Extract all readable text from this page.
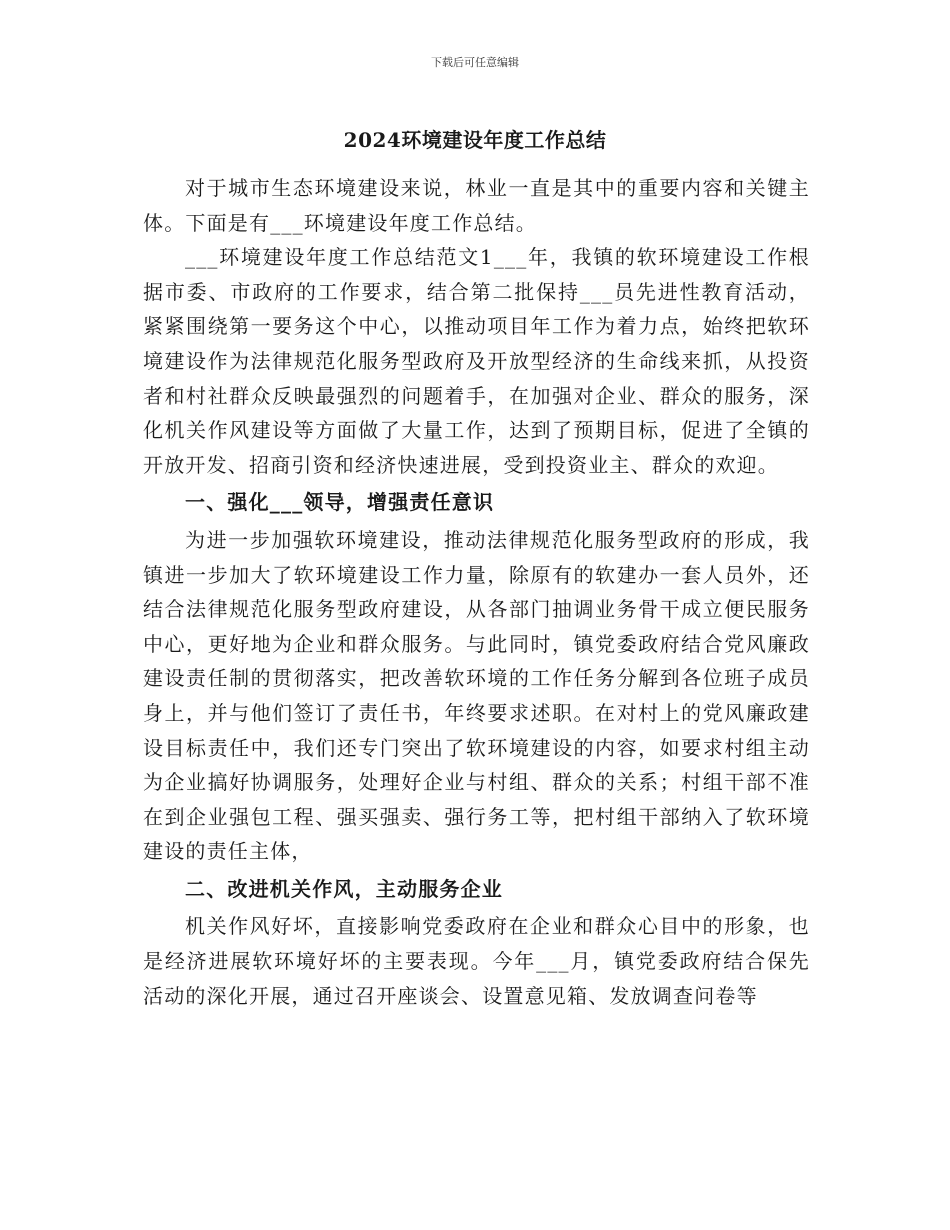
下载后可任意编辑
2024环境建设年度工作总结

对于城市生态环境建设来说，林业一直是其中的重要内容和关键主体。下面是有___环境建设年度工作总结。

___环境建设年度工作总结范文1___年，我镇的软环境建设工作根据市委、市政府的工作要求，结合第二批保持___员先进性教育活动，紧紧围绕第一要务这个中心，以推动项目年工作为着力点，始终把软环境建设作为法律规范化服务型政府及开放型经济的生命线来抓，从投资者和村社群众反映最强烈的问题着手，在加强对企业、群众的服务，深化机关作风建设等方面做了大量工作，达到了预期目标，促进了全镇的开放开发、招商引资和经济快速进展，受到投资业主、群众的欢迎。

一、强化___领导，增强责任意识

为进一步加强软环境建设，推动法律规范化服务型政府的形成，我镇进一步加大了软环境建设工作力量，除原有的软建办一套人员外，还结合法律规范化服务型政府建设，从各部门抽调业务骨干成立便民服务中心，更好地为企业和群众服务。与此同时，镇党委政府结合党风廉政建设责任制的贯彻落实，把改善软环境的工作任务分解到各位班子成员身上，并与他们签订了责任书，年终要求述职。在对村上的党风廉政建设目标责任中，我们还专门突出了软环境建设的内容，如要求村组主动为企业搞好协调服务，处理好企业与村组、群众的关系；村组干部不准在到企业强包工程、强买强卖、强行务工等，把村组干部纳入了软环境建设的责任主体，

二、改进机关作风，主动服务企业

机关作风好坏，直接影响党委政府在企业和群众心目中的形象，也是经济进展软环境好坏的主要表现。今年___月，镇党委政府结合保先活动的深化开展，通过召开座谈会、设置意见箱、发放调查问卷等
